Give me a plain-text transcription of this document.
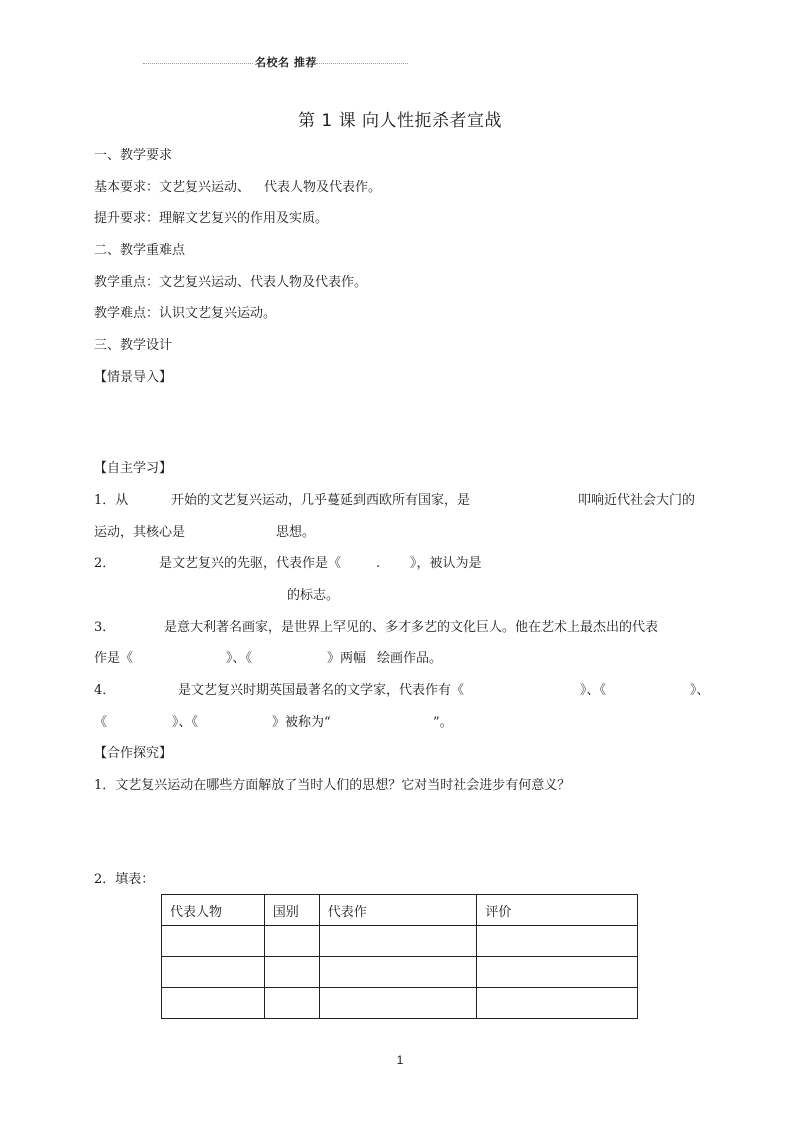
名校名 推荐
第 1 课 向人性扼杀者宣战
一、教学要求
基本要求：文艺复兴运动、 代表人物及代表作。
提升要求：理解文艺复兴的作用及实质。
二、教学重难点
教学重点：文艺复兴运动、代表人物及代表作。
教学难点：认识文艺复兴运动。
三、教学设计
【情景导入】
【自主学习】
1．从	开始的文艺复兴运动，几乎蔓延到西欧所有国家，是	叩响近代社会大门的
运动，其核心是	思想。
2．	是文艺复兴的先驱，代表作是《	. 》，被认为是
的标志。
3．	是意大利著名画家，是世界上罕见的、多才多艺的文化巨人。他在艺术上最杰出的代表
作是《	》、《	》两幅 绘画作品。
4．	是文艺复兴时期英国最著名的文学家，代表作有《	》、《	》、
《	》、《	》被称为“	”。
【合作探究】
1．文艺复兴运动在哪些方面解放了当时人们的思想？它对当时社会进步有何意义？
2．填表：
代表人物	国别	代表作	评价

1
